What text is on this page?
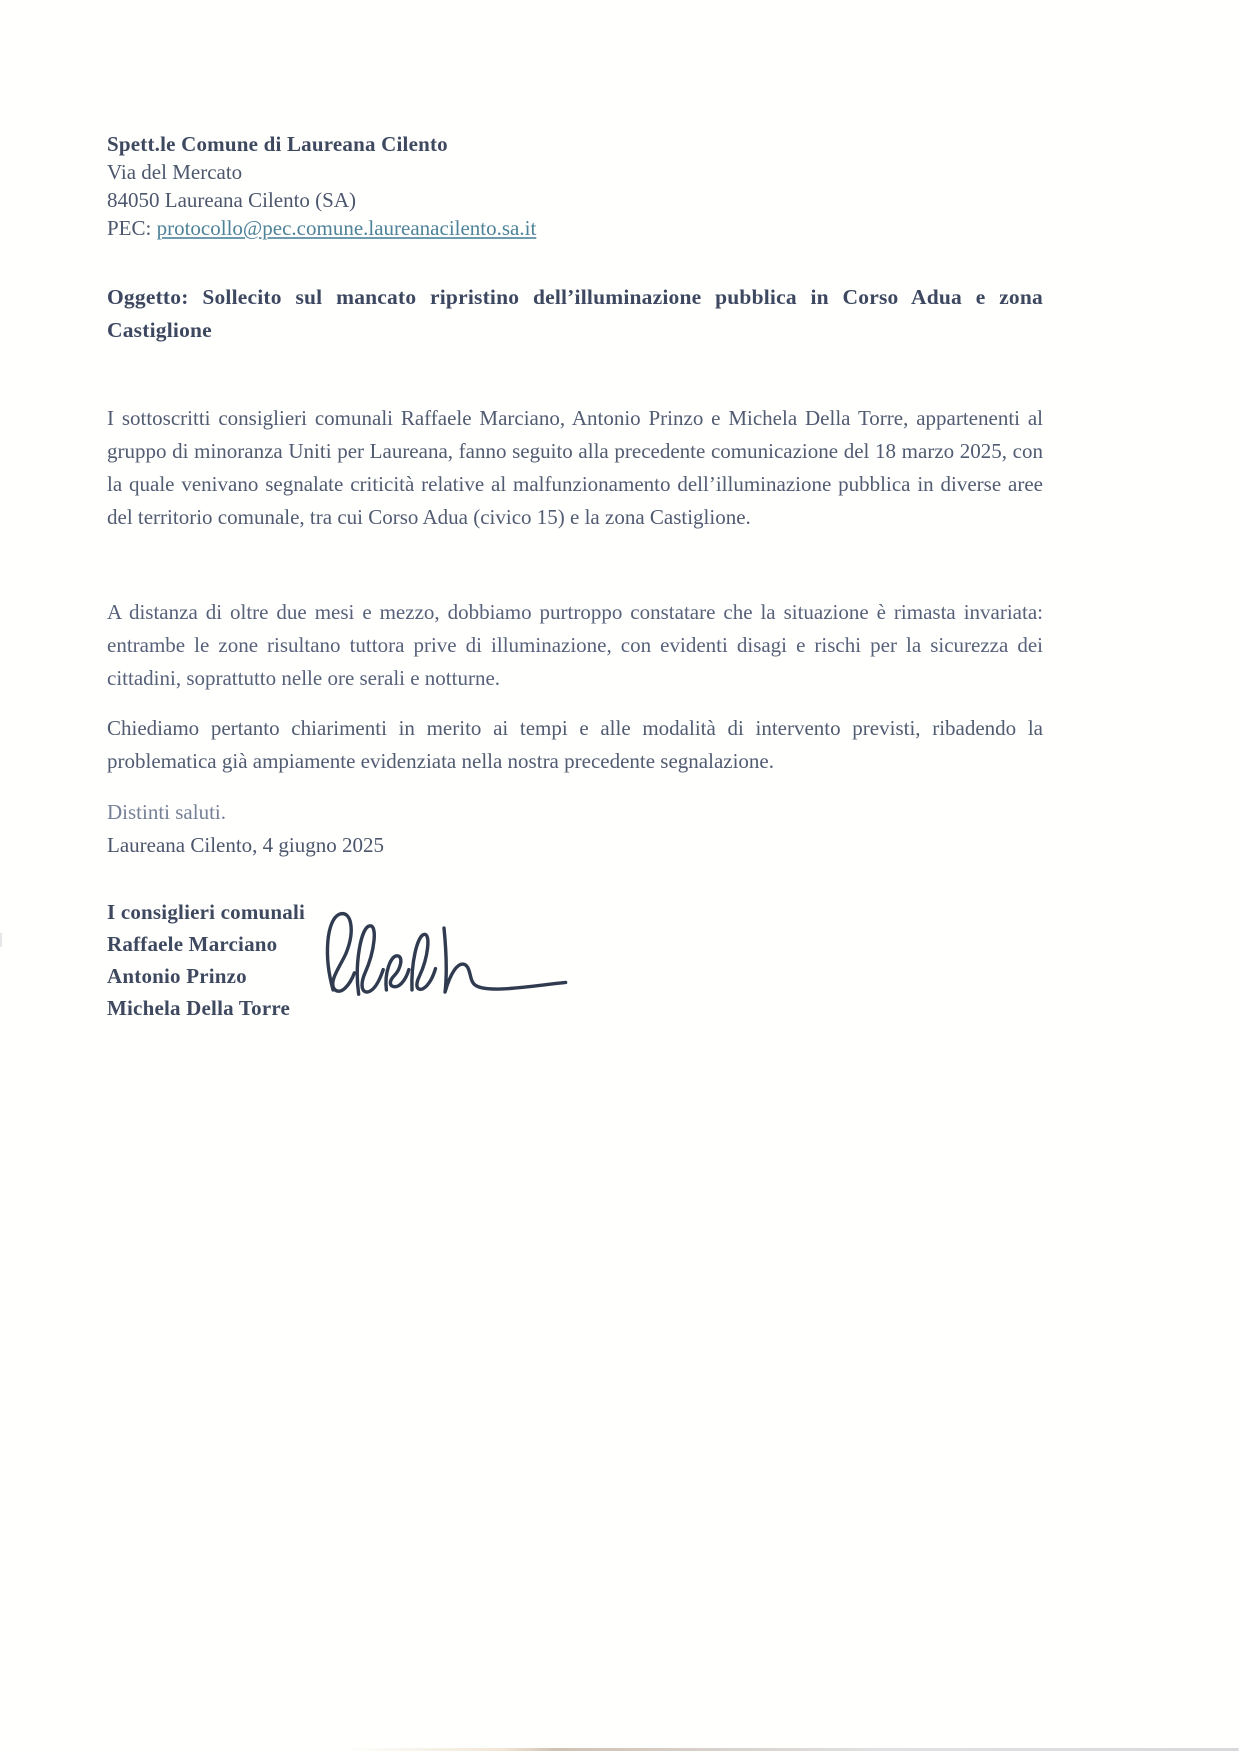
Spett.le Comune di Laureana Cilento
Via del Mercato
84050 Laureana Cilento (SA)
PEC: protocollo@pec.comune.laureanacilento.sa.it

Oggetto: Sollecito sul mancato ripristino dell’illuminazione pubblica in Corso Adua e zona Castiglione

I sottoscritti consiglieri comunali Raffaele Marciano, Antonio Prinzo e Michela Della Torre, appartenenti al gruppo di minoranza Uniti per Laureana, fanno seguito alla precedente comunicazione del 18 marzo 2025, con la quale venivano segnalate criticità relative al malfunzionamento dell’illuminazione pubblica in diverse aree del territorio comunale, tra cui Corso Adua (civico 15) e la zona Castiglione.

A distanza di oltre due mesi e mezzo, dobbiamo purtroppo constatare che la situazione è rimasta invariata: entrambe le zone risultano tuttora prive di illuminazione, con evidenti disagi e rischi per la sicurezza dei cittadini, soprattutto nelle ore serali e notturne.

Chiediamo pertanto chiarimenti in merito ai tempi e alle modalità di intervento previsti, ribadendo la problematica già ampiamente evidenziata nella nostra precedente segnalazione.

Distinti saluti.
Laureana Cilento, 4 giugno 2025
I consiglieri comunali
Raffaele Marciano
Antonio Prinzo
Michela Della Torre
